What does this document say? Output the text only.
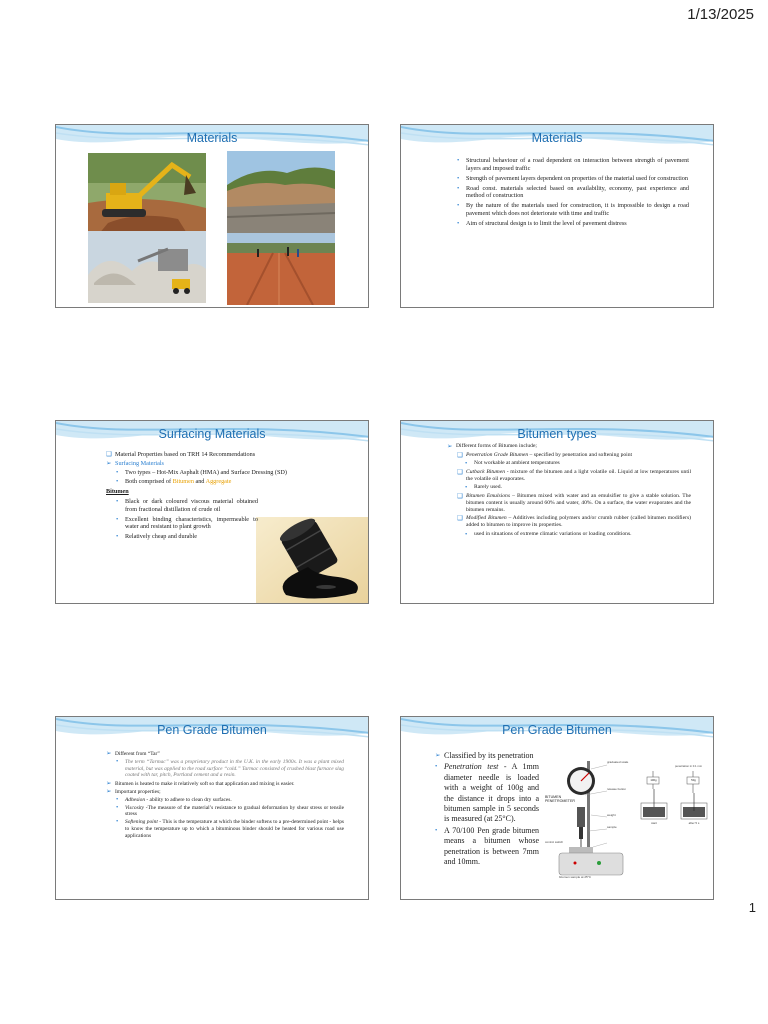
1/13/2025
1
Materials	Materials
• Structural behaviour of a road dependent on interaction between strength of pavement layers and imposed traffic
• Strength of pavement layers dependent on properties of the material used for construction
• Road const. materials selected based on availability, economy, past experience and method of construction
• By the nature of the materials used for construction, it is impossible to design a road pavement which does not deteriorate with time and traffic
• Aim of structural design is to limit the level of pavement distress
Surfacing Materials
❑ Material Properties based on TRH 14 Recommendations
➢ Surfacing Materials
• Two types – Hot-Mix Asphalt (HMA) and Surface Dressing (SD)
• Both comprised of Bitumen and Aggregate
Bitumen
• Black or dark coloured viscous material obtained from fractional distillation of crude oil
• Excellent binding characteristics, impermeable to water and resistant to plant growth
• Relatively cheap and durable
Bitumen types
➢ Different forms of Bitumen include;
❑ Penetration Grade Bitumen – specified by penetration and softening point
• Not workable at ambient temperatures
❑ Cutback Bitumen - mixture of the bitumen and a light volatile oil. Liquid at low temperatures until the volatile oil evaporates.
• Rarely used.
❑ Bitumen Emulsions – Bitumen mixed with water and an emulsifier to give a stable solution. The bitumen content is usually around 60% and water, 40%. On a surface, the water evaporates and the bitumen remains.
❑ Modified Bitumen – Additives including polymers and/or crumb rubber (called bitumen modifiers) added to bitumen to improve its properties.
• used in situations of extreme climatic variations or loading conditions.
Pen Grade Bitumen
➢ Different from “Tar”
• The term “Tarmac” was a proprietary product in the U.K. in the early 1900s. It was a plant mixed material, but was applied to the road surface “cold.” Tarmac consisted of crushed blast furnace slag coated with tar, pitch, Portland cement and a resin.
➢ Bitumen is heated to make it relatively soft so that application and mixing is easier.
➢ Important properties;
• Adhesion - ability to adhere to clean dry surfaces.
• Viscosity -The measure of the material’s resistance to gradual deformation by shear stress or tensile stress
• Softening point - This is the temperature at which the binder softens to a pre-determined point - helps to know the temperature up to which a bituminous binder should be heated for various road use applications
Pen Grade Bitumen
➢ Classified by its penetration
• Penetration test - A 1mm diameter needle is loaded with a weight of 100g and the distance it drops into a bitumen sample in 5 seconds is measured (at 25°C).
• A 70/100 Pen grade bitumen means a bitumen whose penetration is between 7mm and 10mm.
BITUMEN PENETROMETER
graduated scale
release button
weight
sample
control switch
bitumen sample at 25°C
100g	50g
start	after 5 s
penetration in 0.1 mm
